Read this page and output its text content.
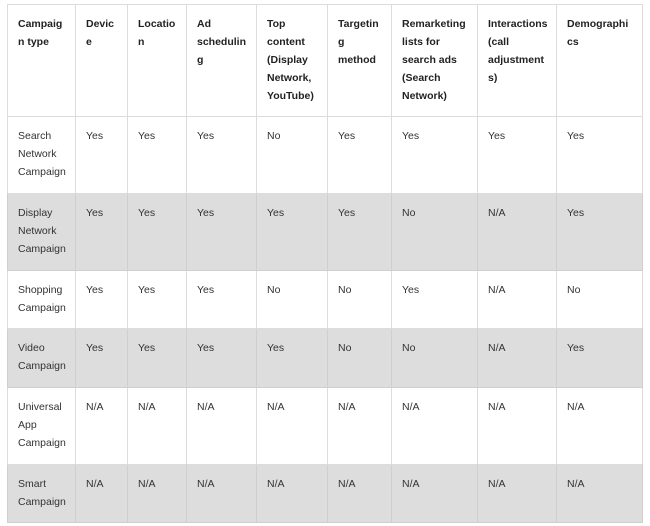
Campaign type	Device	Location	Ad scheduling	Top content (Display Network, YouTube)	Targeting method	Remarketing lists for search ads (Search Network)	Interactions (call adjustments)	Demographics
Search Network Campaign	Yes	Yes	Yes	No	Yes	Yes	Yes	Yes
Display Network Campaign	Yes	Yes	Yes	Yes	Yes	No	N/A	Yes
Shopping Campaign	Yes	Yes	Yes	No	No	Yes	N/A	No
Video Campaign	Yes	Yes	Yes	Yes	No	No	N/A	Yes
Universal App Campaign	N/A	N/A	N/A	N/A	N/A	N/A	N/A	N/A
Smart Campaign	N/A	N/A	N/A	N/A	N/A	N/A	N/A	N/A
